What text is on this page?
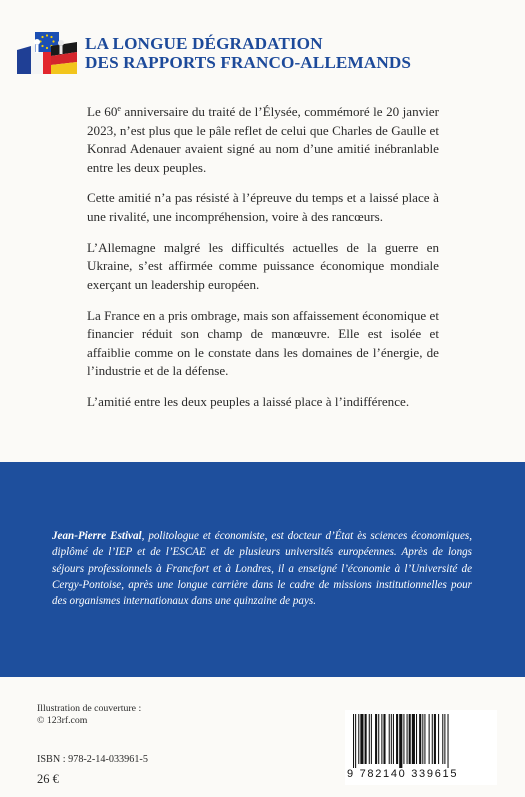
LA LONGUE DÉGRADATION
DES RAPPORTS FRANCO-ALLEMANDS

Le 60e anniversaire du traité de l’Élysée, commémoré le 20 janvier 2023, n’est plus que le pâle reflet de celui que Charles de Gaulle et Konrad Adenauer avaient signé au nom d’une amitié inébranlable entre les deux peuples.

Cette amitié n’a pas résisté à l’épreuve du temps et a laissé place à une rivalité, une incompréhension, voire à des rancœurs.

L’Allemagne malgré les difficultés actuelles de la guerre en Ukraine, s’est affirmée comme puissance économique mondiale exerçant un leadership européen.

La France en a pris ombrage, mais son affaissement économique et financier réduit son champ de manœuvre. Elle est isolée et affaiblie comme on le constate dans les domaines de l’énergie, de l’industrie et de la défense.

L’amitié entre les deux peuples a laissé place à l’indifférence.

Jean-Pierre Estival, politologue et économiste, est docteur d’État ès sciences économiques, diplômé de l’IEP et de l’ESCAE et de plusieurs universités européennes. Après de longs séjours professionnels à Francfort et à Londres, il a enseigné l’économie à l’Université de Cergy-Pontoise, après une longue carrière dans le cadre de missions institutionnelles pour des organismes internationaux dans une quinzaine de pays.
Illustration de couverture :
© 123rf.com
ISBN : 978-2-14-033961-5
26 €	9 782140 339615
